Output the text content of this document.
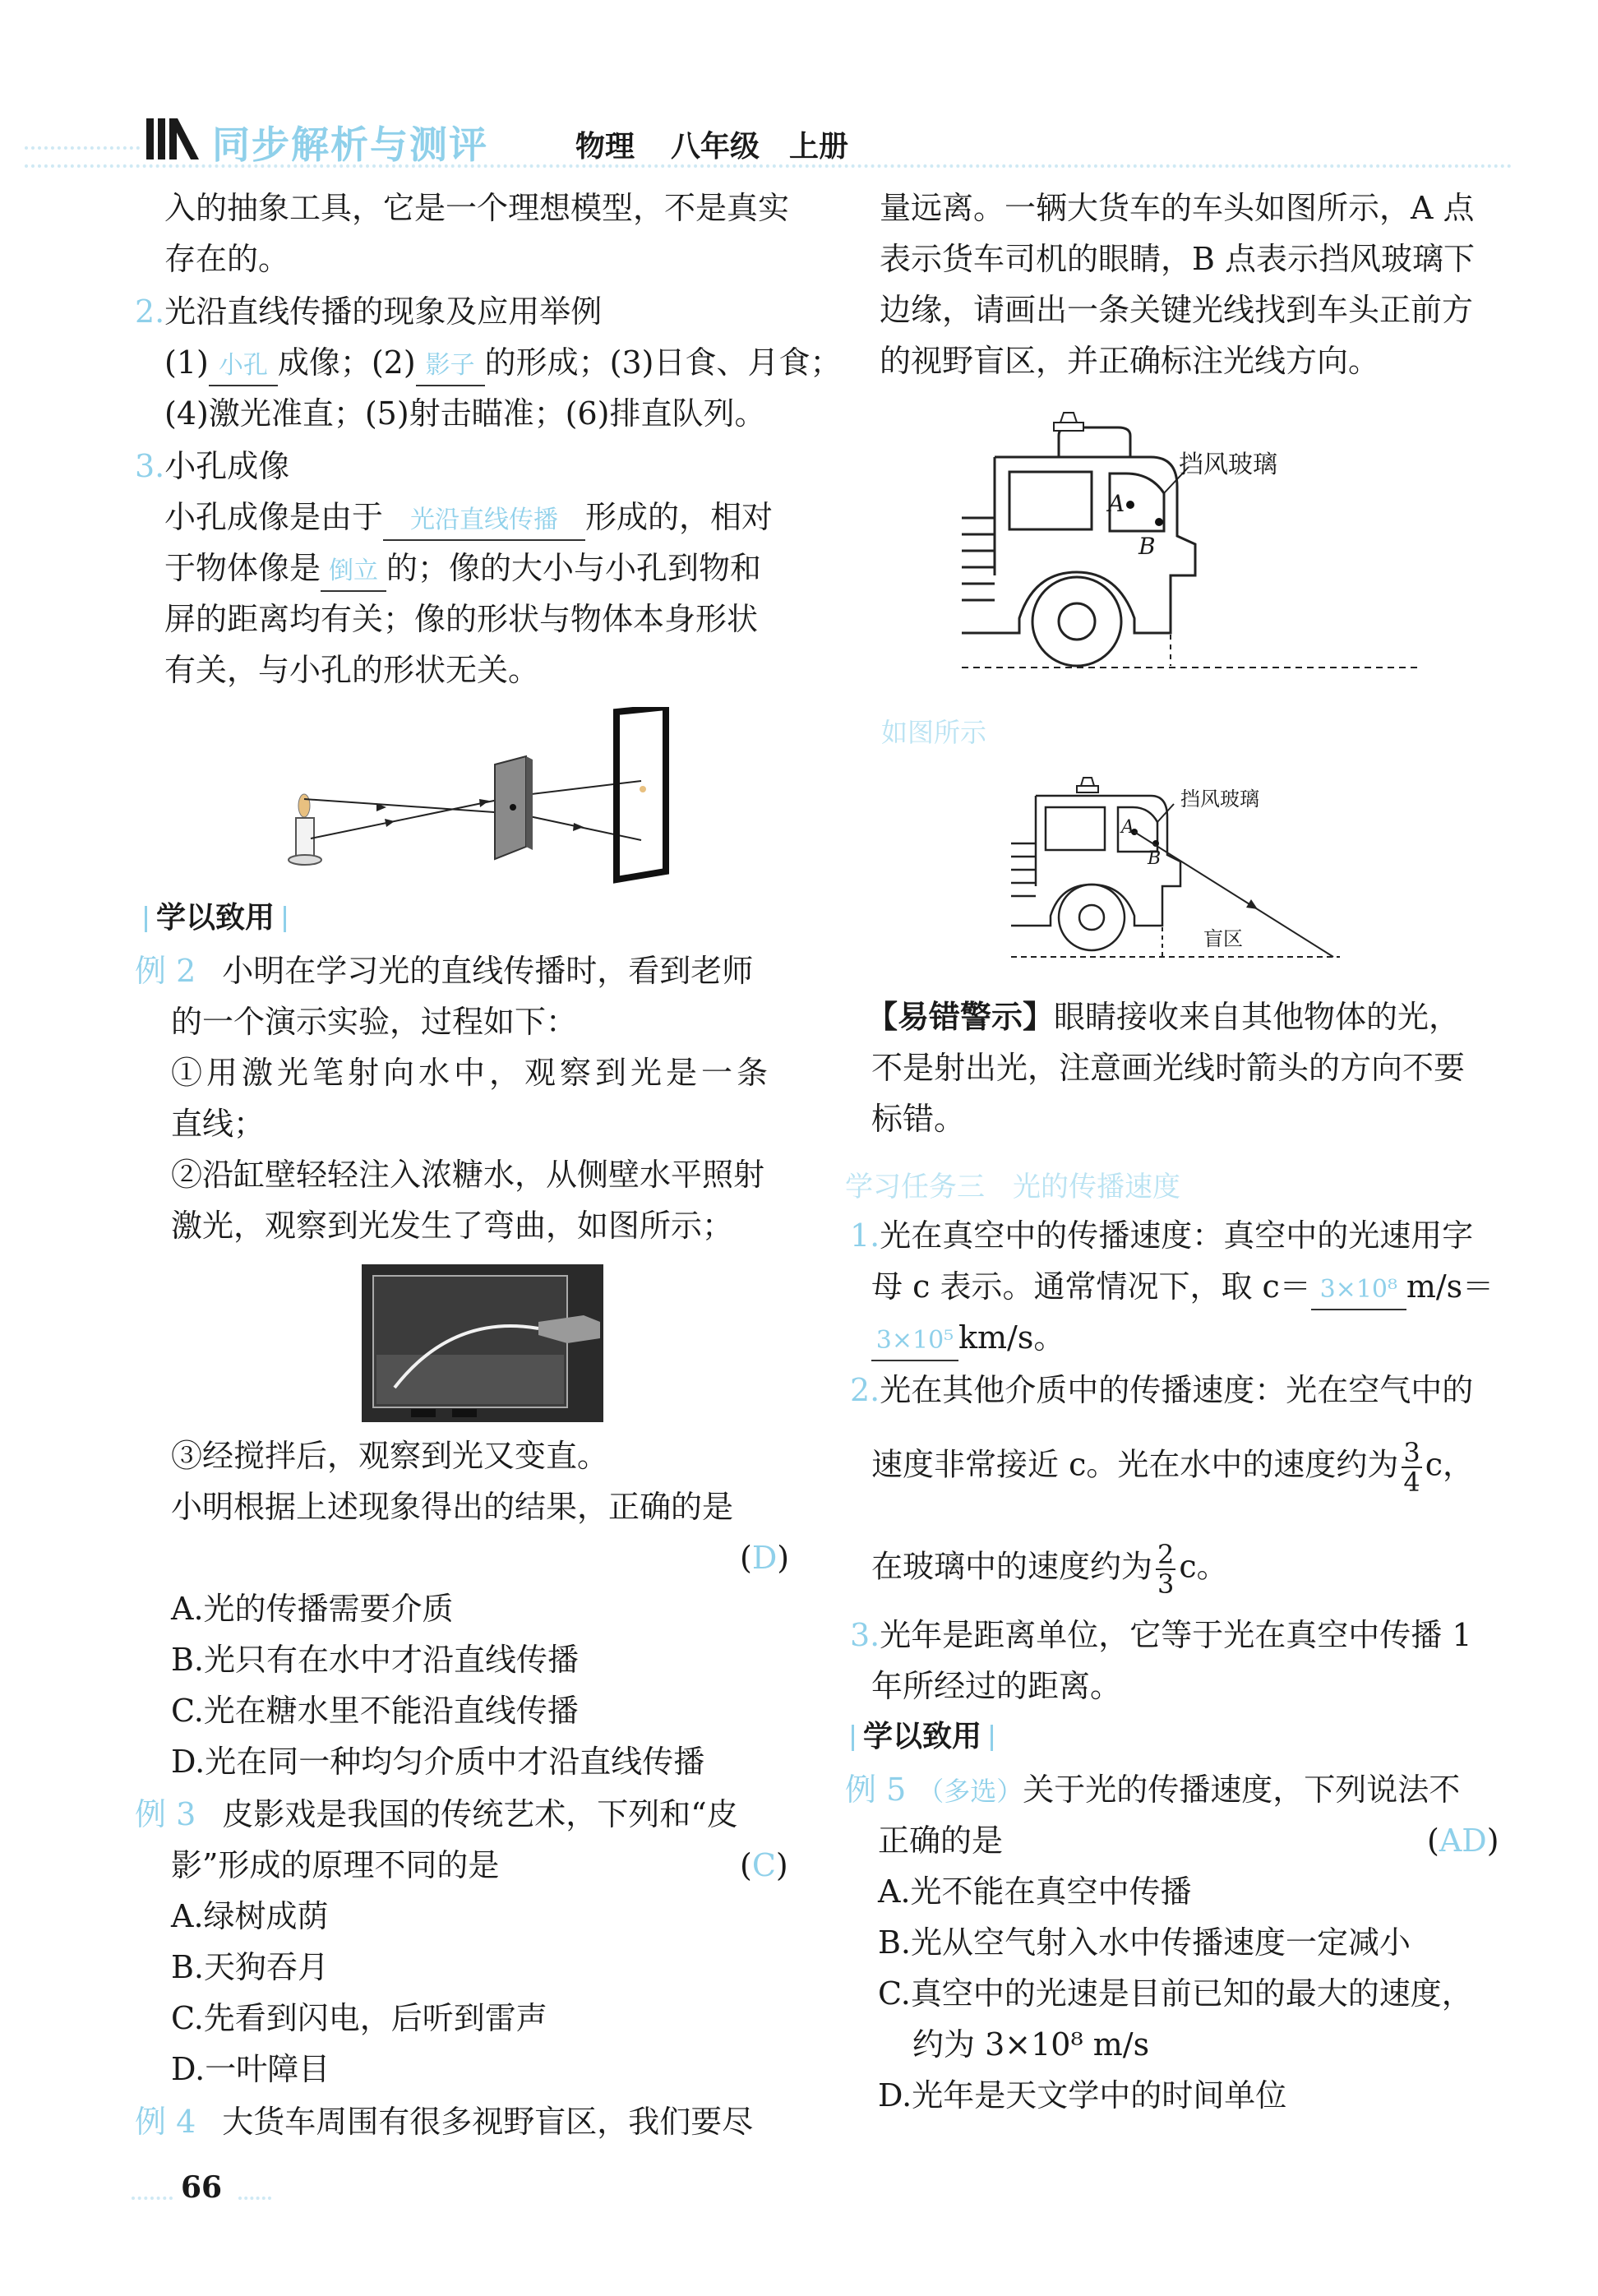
同步解析与测评	物理 八年级 上册
入的抽象工具，它是一个理想模型，不是真实
存在的。
2.光沿直线传播的现象及应用举例
(1) 小孔 成像；(2) 影子 的形成；(3)日食、月食；
(4)激光准直；(5)射击瞄准；(6)排直队列。
3.小孔成像
小孔成像是由于 光沿直线传播 形成的，相对
于物体像是 倒立 的；像的大小与小孔到物和
屏的距离均有关；像的形状与物体本身形状
有关，与小孔的形状无关。
学以致用
例 2 小明在学习光的直线传播时，看到老师
的一个演示实验，过程如下：
①用激光笔射向水中，观察到光是一条
直线；
②沿缸壁轻轻注入浓糖水，从侧壁水平照射
激光，观察到光发生了弯曲，如图所示；
③经搅拌后，观察到光又变直。
小明根据上述现象得出的结果，正确的是
(D)
A.光的传播需要介质
B.光只有在水中才沿直线传播
C.光在糖水里不能沿直线传播
D.光在同一种均匀介质中才沿直线传播
例 3 皮影戏是我国的传统艺术，下列和“皮
影”形成的原理不同的是	(C)
A.绿树成荫
B.天狗吞月
C.先看到闪电，后听到雷声
D.一叶障目
例 4 大货车周围有很多视野盲区，我们要尽
66
量远离。一辆大货车的车头如图所示，A 点
表示货车司机的眼睛，B 点表示挡风玻璃下
边缘，请画出一条关键光线找到车头正前方
的视野盲区，并正确标注光线方向。
挡风玻璃
A
B
如图所示
挡风玻璃
A
B
盲区
【易错警示】眼睛接收来自其他物体的光，
不是射出光，注意画光线时箭头的方向不要
标错。
学习任务三　光的传播速度
1.光在真空中的传播速度：真空中的光速用字
母 c 表示。通常情况下，取 c＝ 3×10⁸ m/s＝
3×10⁵ km/s。
2.光在其他介质中的传播速度：光在空气中的
速度非常接近 c。光在水中的速度约为 $\frac{3}{4}$ c，
在玻璃中的速度约为 $\frac{2}{3}$ c。
3.光年是距离单位，它等于光在真空中传播 1
年所经过的距离。
学以致用
例 5 （多选）关于光的传播速度，下列说法不
正确的是	(AD)
A.光不能在真空中传播
B.光从空气射入水中传播速度一定减小
C.真空中的光速是目前已知的最大的速度，
约为 3×10⁸ m/s
D.光年是天文学中的时间单位
